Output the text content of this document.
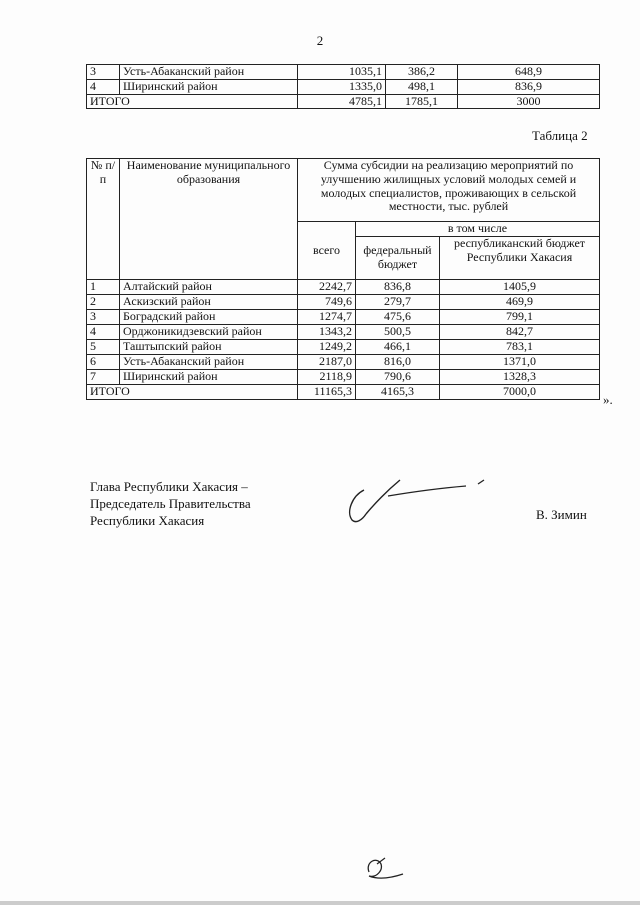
2
3	Усть-Абаканский район	1035,1	386,2	648,9
4	Ширинский район	1335,0	498,1	836,9
ИТОГО		4785,1	1785,1	3000
Таблица 2
№ п/п	Наименование муниципального образования	Сумма субсидии на реализацию мероприятий по улучшению жилищных условий молодых семей и молодых специалистов, проживающих в сельской местности, тыс. рублей		
		всего	в том числе	
			федеральный бюджет	республиканский бюджет Республики Хакасия
1	Алтайский район	2242,7	836,8	1405,9
2	Аскизский район	749,6	279,7	469,9
3	Боградский район	1274,7	475,6	799,1
4	Орджоникидзевский район	1343,2	500,5	842,7
5	Таштыпский район	1249,2	466,1	783,1
6	Усть-Абаканский район	2187,0	816,0	1371,0
7	Ширинский район	2118,9	790,6	1328,3
ИТОГО		11165,3	4165,3	7000,0
».
Глава Республики Хакасия –
Председатель Правительства
Республики Хакасия	В. Зимин
